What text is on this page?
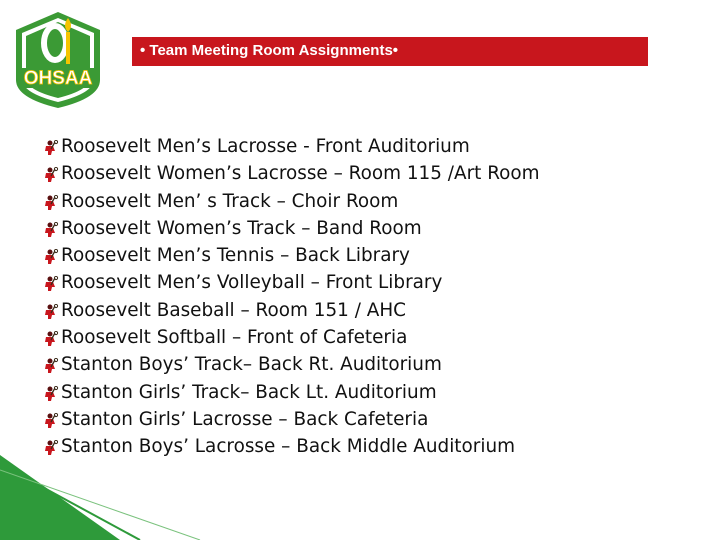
OHSAA
• Team Meeting Room Assignments•
Roosevelt Men’s Lacrosse - Front Auditorium
Roosevelt Women’s Lacrosse – Room 115 /Art Room
Roosevelt Men’ s Track – Choir Room
Roosevelt Women’s Track – Band Room
Roosevelt Men’s Tennis – Back Library
Roosevelt Men’s Volleyball – Front Library
Roosevelt Baseball – Room 151 / AHC
Roosevelt Softball – Front of Cafeteria
Stanton Boys’ Track– Back Rt. Auditorium
Stanton Girls’ Track– Back Lt. Auditorium
Stanton Girls’ Lacrosse – Back Cafeteria
Stanton Boys’ Lacrosse – Back Middle Auditorium
